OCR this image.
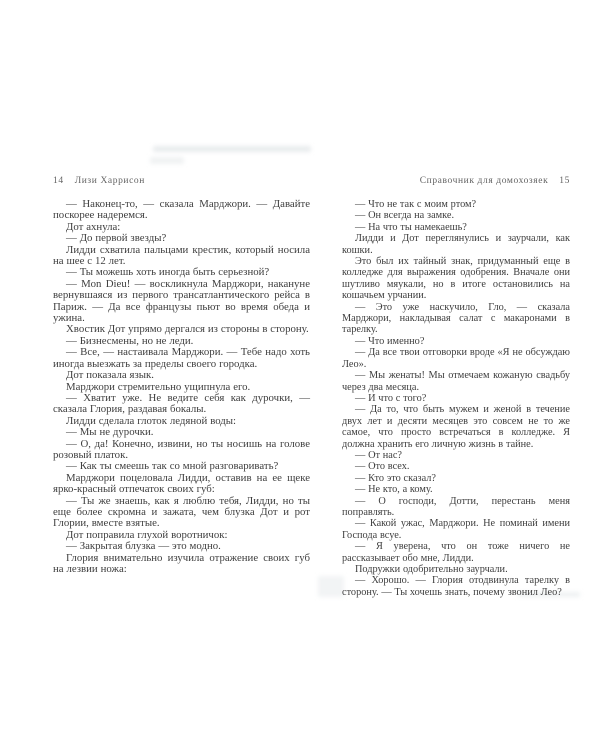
14 Лизи Харрисон

— Наконец-то, — сказала Марджори. — Давайте поскорее надеремся.

Дот ахнула:

— До первой звезды?

Лидди схватила пальцами крестик, который носила на шее с 12 лет.

— Ты можешь хоть иногда быть серьезной?

— Mon Dieu! — воскликнула Марджори, накануне вернувшаяся из первого трансатлантического рейса в Париж. — Да все французы пьют во время обеда и ужина.

Хвостик Дот упрямо дергался из стороны в сторону.

— Бизнесмены, но не леди.

— Все, — настаивала Марджори. — Тебе надо хоть иногда выезжать за пределы своего городка.

Дот показала язык.

Марджори стремительно ущипнула его.

— Хватит уже. Не ведите себя как дурочки, — сказала Глория, раздавая бокалы.

Лидди сделала глоток ледяной воды:

— Мы не дурочки.

— О, да! Конечно, извини, но ты носишь на голове розовый платок.

— Как ты смеешь так со мной разговаривать?

Марджори поцеловала Лидди, оставив на ее щеке ярко-красный отпечаток своих губ:

— Ты же знаешь, как я люблю тебя, Лидди, но ты еще более скромна и зажата, чем блузка Дот и рот Глории, вместе взятые.

Дот поправила глухой воротничок:

— Закрытая блузка — это модно.

Глория внимательно изучила отражение своих губ на лезвии ножа:

Справочник для домохозяек 15

— Что не так с моим ртом?

— Он всегда на замке.

— На что ты намекаешь?

Лидди и Дот переглянулись и заурчали, как кошки.

Это был их тайный знак, придуманный еще в колледже для выражения одобрения. Вначале они шутливо мяукали, но в итоге остановились на кошачьем урчании.

— Это уже наскучило, Гло, — сказала Марджори, накладывая салат с макаронами в тарелку.

— Что именно?

— Да все твои отговорки вроде «Я не обсуждаю Лео».

— Мы женаты! Мы отмечаем кожаную свадьбу через два месяца.

— И что с того?

— Да то, что быть мужем и женой в течение двух лет и десяти месяцев это совсем не то же самое, что просто встречаться в колледже. Я должна хранить его личную жизнь в тайне.

— От нас?

— Ото всех.

— Кто это сказал?

— Не кто, а кому.

— О господи, Дотти, перестань меня поправлять.

— Какой ужас, Марджори. Не поминай имени Господа всуе.

— Я уверена, что он тоже ничего не рассказывает обо мне, Лидди.

Подружки одобрительно заурчали.

— Хорошо. — Глория отодвинула тарелку в сторону. — Ты хочешь знать, почему звонил Лео?
